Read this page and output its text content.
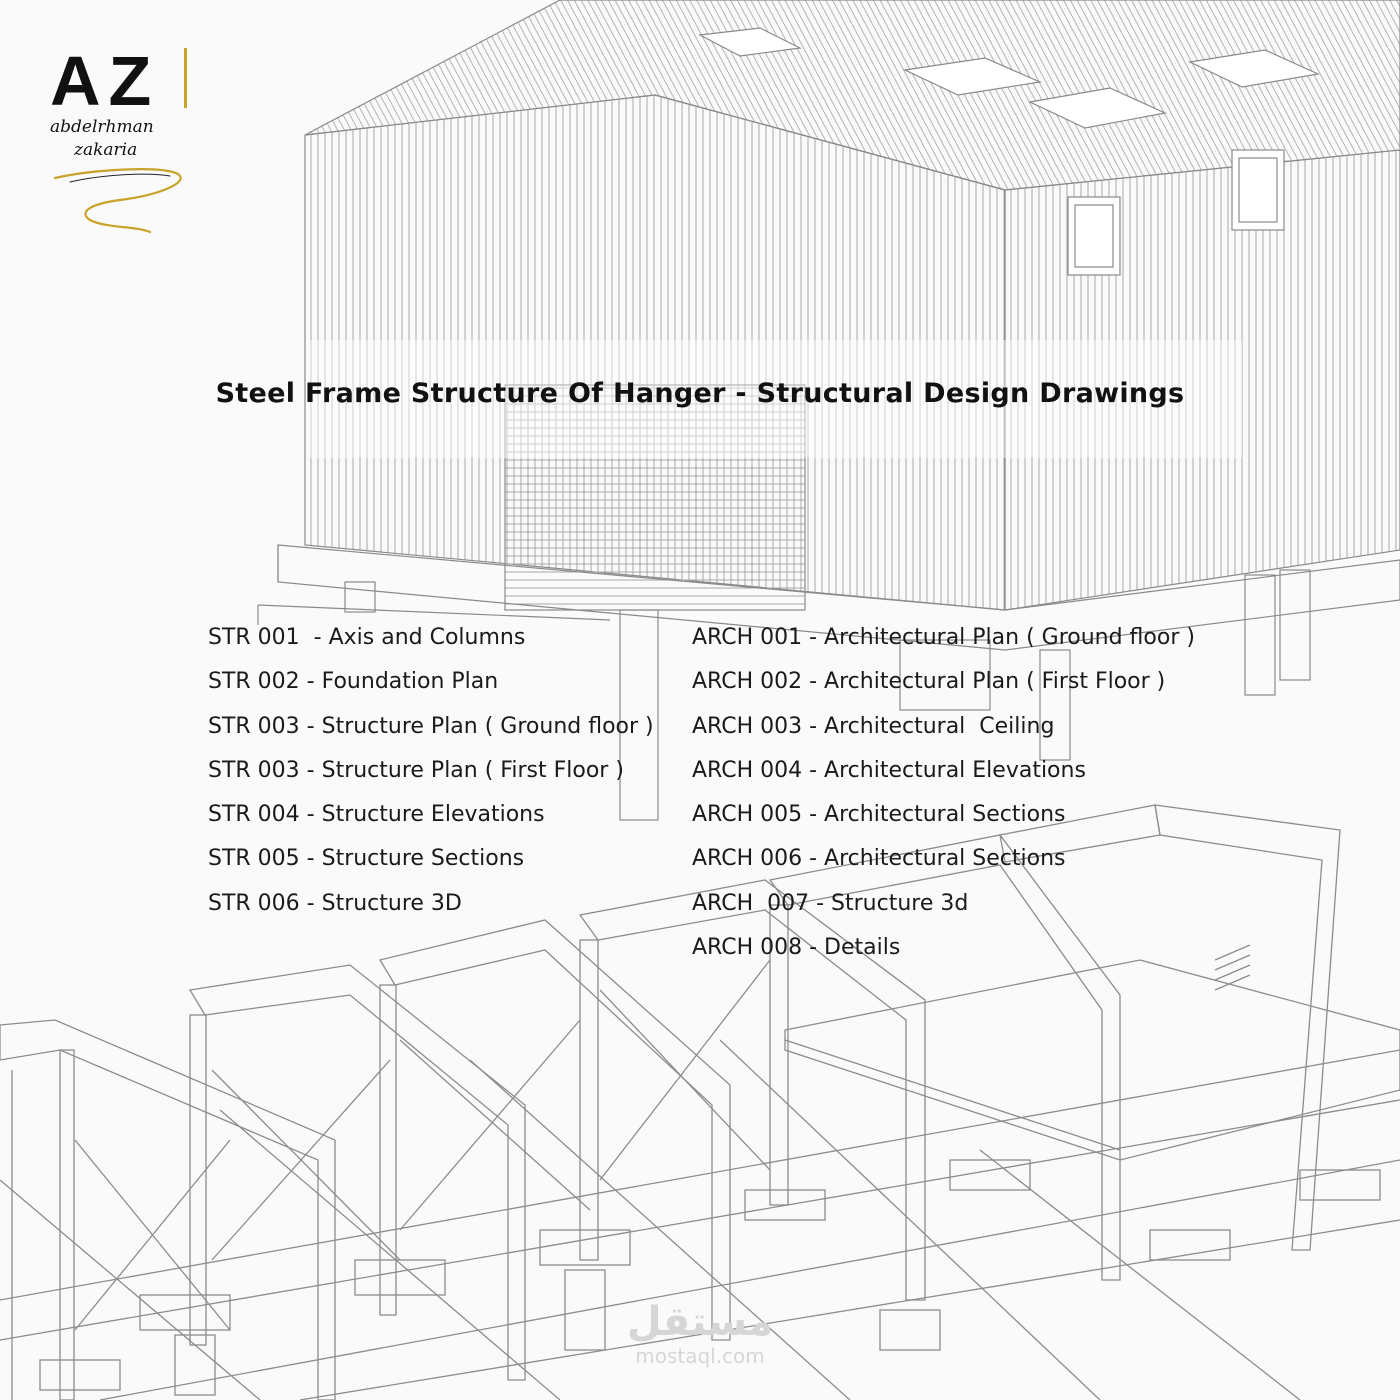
AZ
abdelrhman
zakaria
Steel Frame Structure Of Hanger - Structural Design Drawings
STR 001  - Axis and Columns
STR 002 - Foundation Plan
STR 003 - Structure Plan ( Ground floor )
STR 003 - Structure Plan ( First Floor )
STR 004 - Structure Elevations
STR 005 - Structure Sections
STR 006 - Structure 3D
ARCH 001 - Architectural Plan ( Ground floor )
ARCH 002 - Architectural Plan ( First Floor )
ARCH 003 - Architectural  Ceiling
ARCH 004 - Architectural Elevations
ARCH 005 - Architectural Sections
ARCH 006 - Architectural Sections
ARCH  007 - Structure 3d
ARCH 008 - Details
مستقل
mostaql.com
